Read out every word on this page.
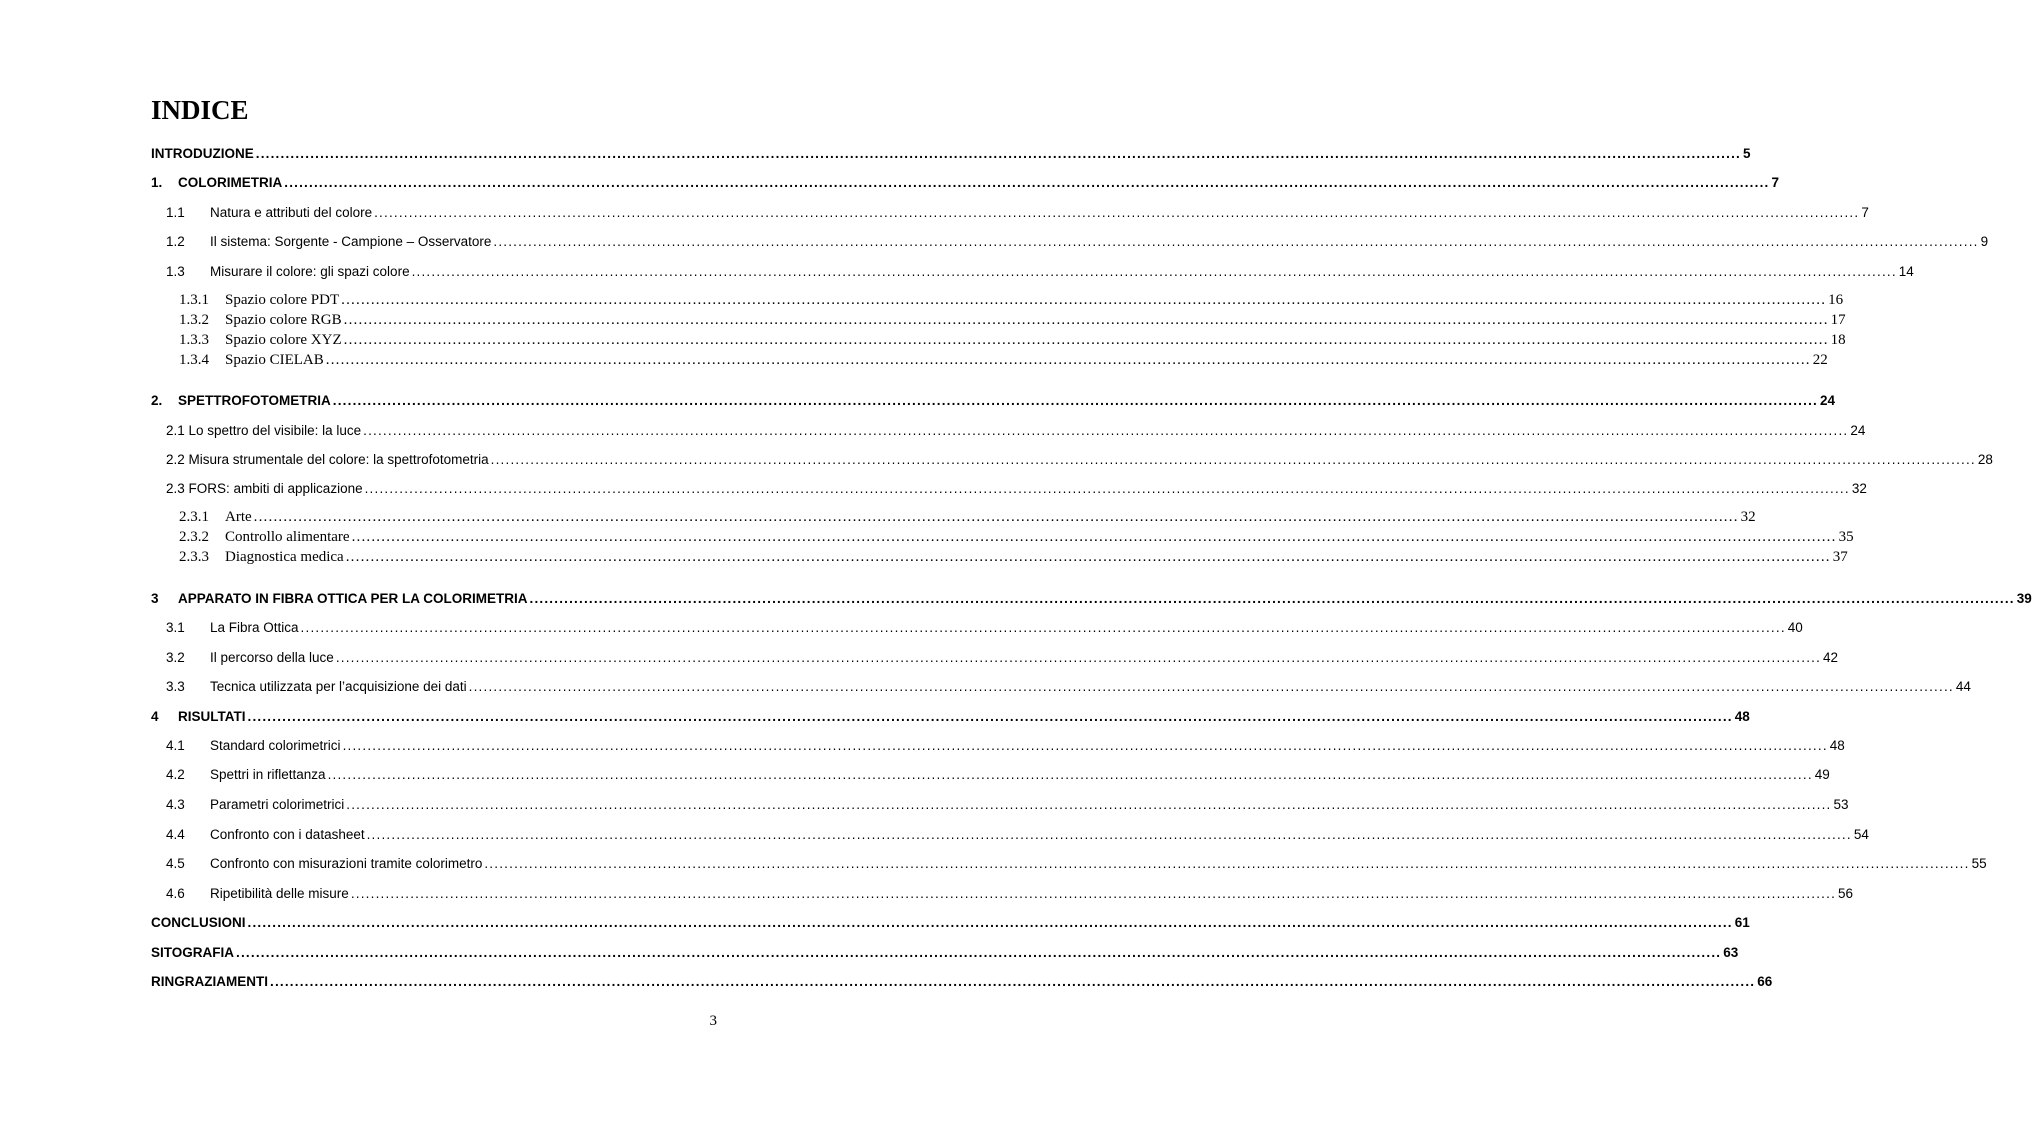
INDICE
INTRODUZIONE ............................................................................................................................................................................................................................................................................................................ 5
1.	COLORIMETRIA ............................................................................................................................................................................................................................................................................................................ 7
1.1	Natura e attributi del colore ............................................................................................................................................................................................................................................................................................................ 7
1.2	Il sistema: Sorgente - Campione – Osservatore ............................................................................................................................................................................................................................................................................................................ 9
1.3	Misurare il colore: gli spazi colore ............................................................................................................................................................................................................................................................................................................ 14
1.3.1	Spazio colore PDT ............................................................................................................................................................................................................................................................................................................ 16
1.3.2	Spazio colore RGB ............................................................................................................................................................................................................................................................................................................ 17
1.3.3	Spazio colore XYZ ............................................................................................................................................................................................................................................................................................................ 18
1.3.4	Spazio CIELAB ............................................................................................................................................................................................................................................................................................................ 22
2.	SPETTROFOTOMETRIA ............................................................................................................................................................................................................................................................................................................ 24
2.1 Lo spettro del visibile: la luce ............................................................................................................................................................................................................................................................................................................ 24
2.2 Misura strumentale del colore: la spettrofotometria ............................................................................................................................................................................................................................................................................................................ 28
2.3 FORS: ambiti di applicazione ............................................................................................................................................................................................................................................................................................................ 32
2.3.1	Arte ............................................................................................................................................................................................................................................................................................................ 32
2.3.2	Controllo alimentare ............................................................................................................................................................................................................................................................................................................ 35
2.3.3	Diagnostica medica ............................................................................................................................................................................................................................................................................................................ 37
3	APPARATO IN FIBRA OTTICA PER LA COLORIMETRIA ............................................................................................................................................................................................................................................................................................................ 39
3.1	La Fibra Ottica ............................................................................................................................................................................................................................................................................................................ 40
3.2	Il percorso della luce ............................................................................................................................................................................................................................................................................................................ 42
3.3	Tecnica utilizzata per l’acquisizione dei dati ............................................................................................................................................................................................................................................................................................................ 44
4	RISULTATI ............................................................................................................................................................................................................................................................................................................ 48
4.1	Standard colorimetrici ............................................................................................................................................................................................................................................................................................................ 48
4.2	Spettri in riflettanza ............................................................................................................................................................................................................................................................................................................ 49
4.3	Parametri colorimetrici ............................................................................................................................................................................................................................................................................................................ 53
4.4	Confronto con i datasheet ............................................................................................................................................................................................................................................................................................................ 54
4.5	Confronto con misurazioni tramite colorimetro ............................................................................................................................................................................................................................................................................................................ 55
4.6	Ripetibilità delle misure ............................................................................................................................................................................................................................................................................................................ 56
CONCLUSIONI ............................................................................................................................................................................................................................................................................................................ 61
SITOGRAFIA ............................................................................................................................................................................................................................................................................................................ 63
RINGRAZIAMENTI ............................................................................................................................................................................................................................................................................................................ 66
3
